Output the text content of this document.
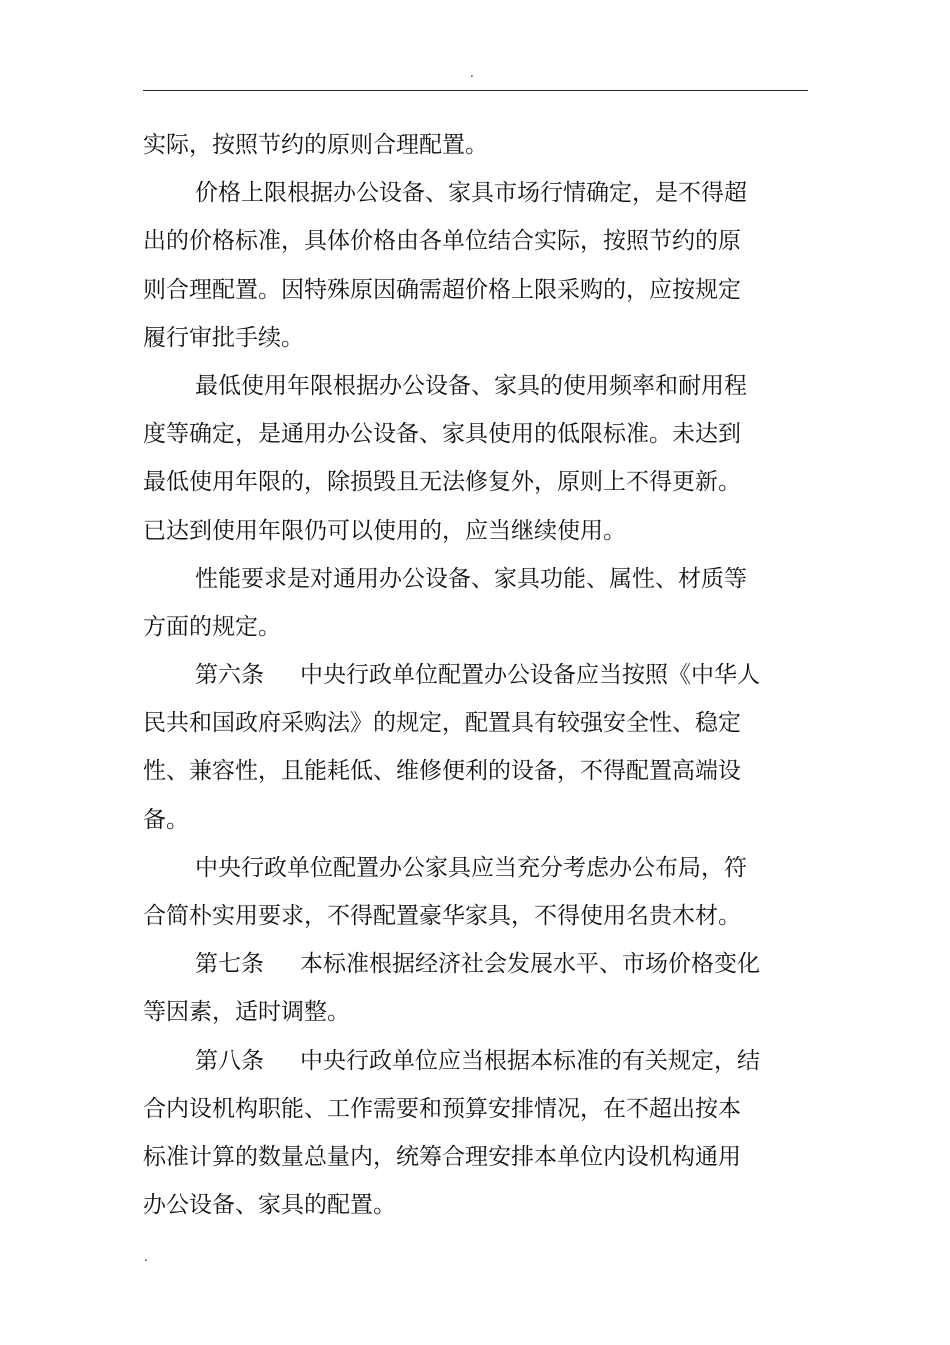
.
实际，按照节约的原则合理配置。
价格上限根据办公设备、家具市场行情确定，是不得超
出的价格标准，具体价格由各单位结合实际，按照节约的原
则合理配置。因特殊原因确需超价格上限采购的，应按规定
履行审批手续。
最低使用年限根据办公设备、家具的使用频率和耐用程
度等确定，是通用办公设备、家具使用的低限标准。未达到
最低使用年限的，除损毁且无法修复外，原则上不得更新。
已达到使用年限仍可以使用的，应当继续使用。
性能要求是对通用办公设备、家具功能、属性、材质等
方面的规定。
第六条 中央行政单位配置办公设备应当按照《中华人
民共和国政府采购法》的规定，配置具有较强安全性、稳定
性、兼容性，且能耗低、维修便利的设备，不得配置高端设
备。
中央行政单位配置办公家具应当充分考虑办公布局，符
合简朴实用要求，不得配置豪华家具，不得使用名贵木材。
第七条 本标准根据经济社会发展水平、市场价格变化
等因素，适时调整。
第八条 中央行政单位应当根据本标准的有关规定，结
合内设机构职能、工作需要和预算安排情况，在不超出按本
标准计算的数量总量内，统筹合理安排本单位内设机构通用
办公设备、家具的配置。
.
